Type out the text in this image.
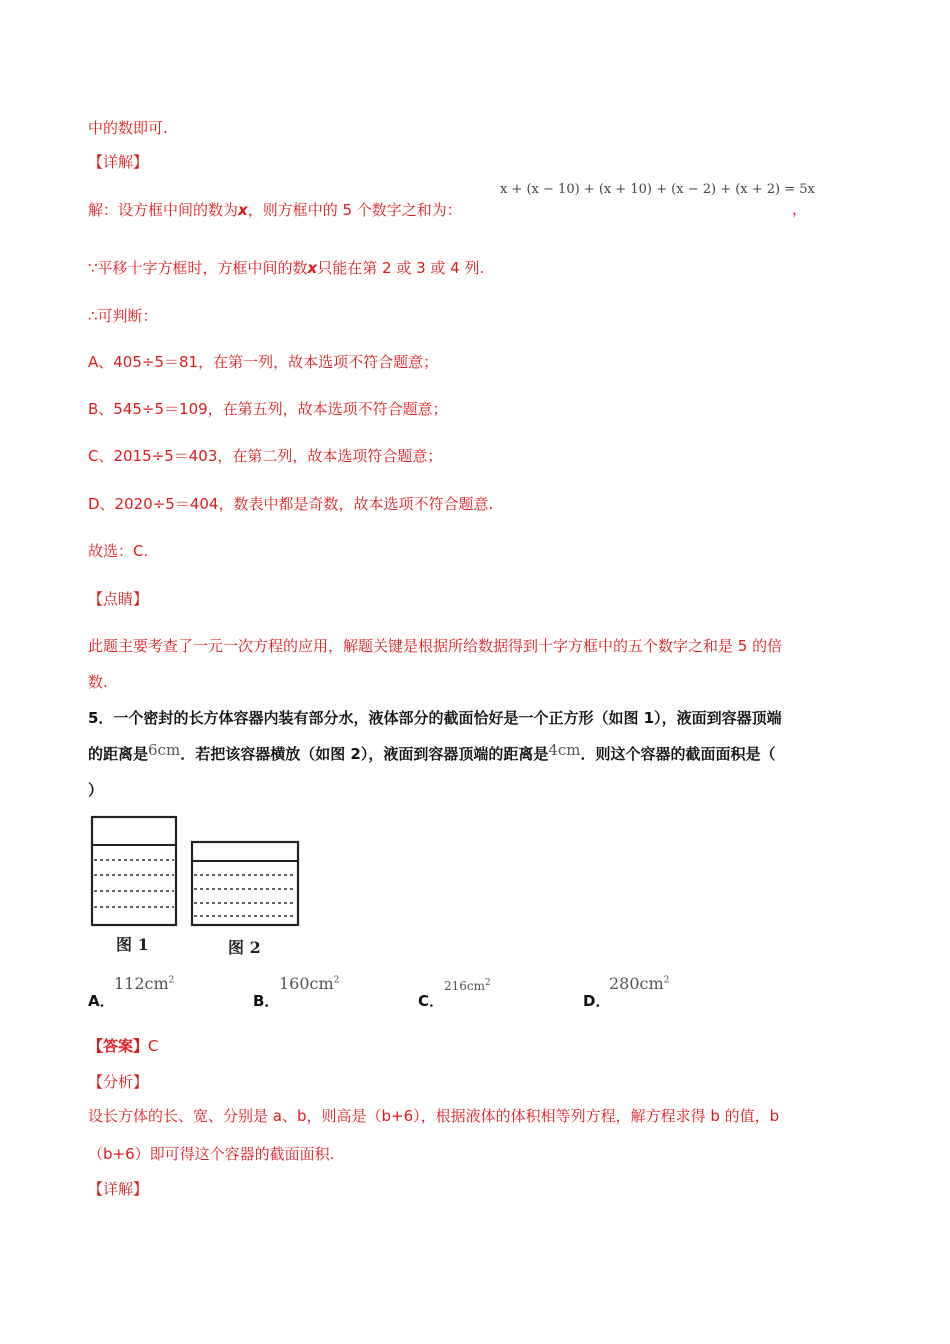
中的数即可.
【详解】
解：设方框中间的数为x，则方框中的 5 个数字之和为：
x + (x − 10) + (x + 10) + (x − 2) + (x + 2) = 5x
，
∵平移十字方框时，方框中间的数x只能在第 2 或 3 或 4 列.
∴可判断：
A、405÷5＝81，在第一列，故本选项不符合题意；
B、545÷5＝109，在第五列，故本选项不符合题意；
C、2015÷5＝403，在第二列，故本选项符合题意；
D、2020÷5＝404，数表中都是奇数，故本选项不符合题意.
故选：C.
【点睛】
此题主要考查了一元一次方程的应用，解题关键是根据所给数据得到十字方框中的五个数字之和是 5 的倍
数.
5．一个密封的长方体容器内装有部分水，液体部分的截面恰好是一个正方形（如图 1），液面到容器顶端
的距离是6cm．若把该容器横放（如图 2），液面到容器顶端的距离是4cm．则这个容器的截面面积是（
）
图 1	图 2
A．
$112cm^2$
B．
$160cm^2$
C．
$216cm^2$
D．
$280cm^2$
【答案】C
【分析】
设长方体的长、宽、分别是 a、b，则高是（b+6），根据液体的体积相等列方程，解方程求得 b 的值，b
（b+6）即可得这个容器的截面面积.
【详解】
